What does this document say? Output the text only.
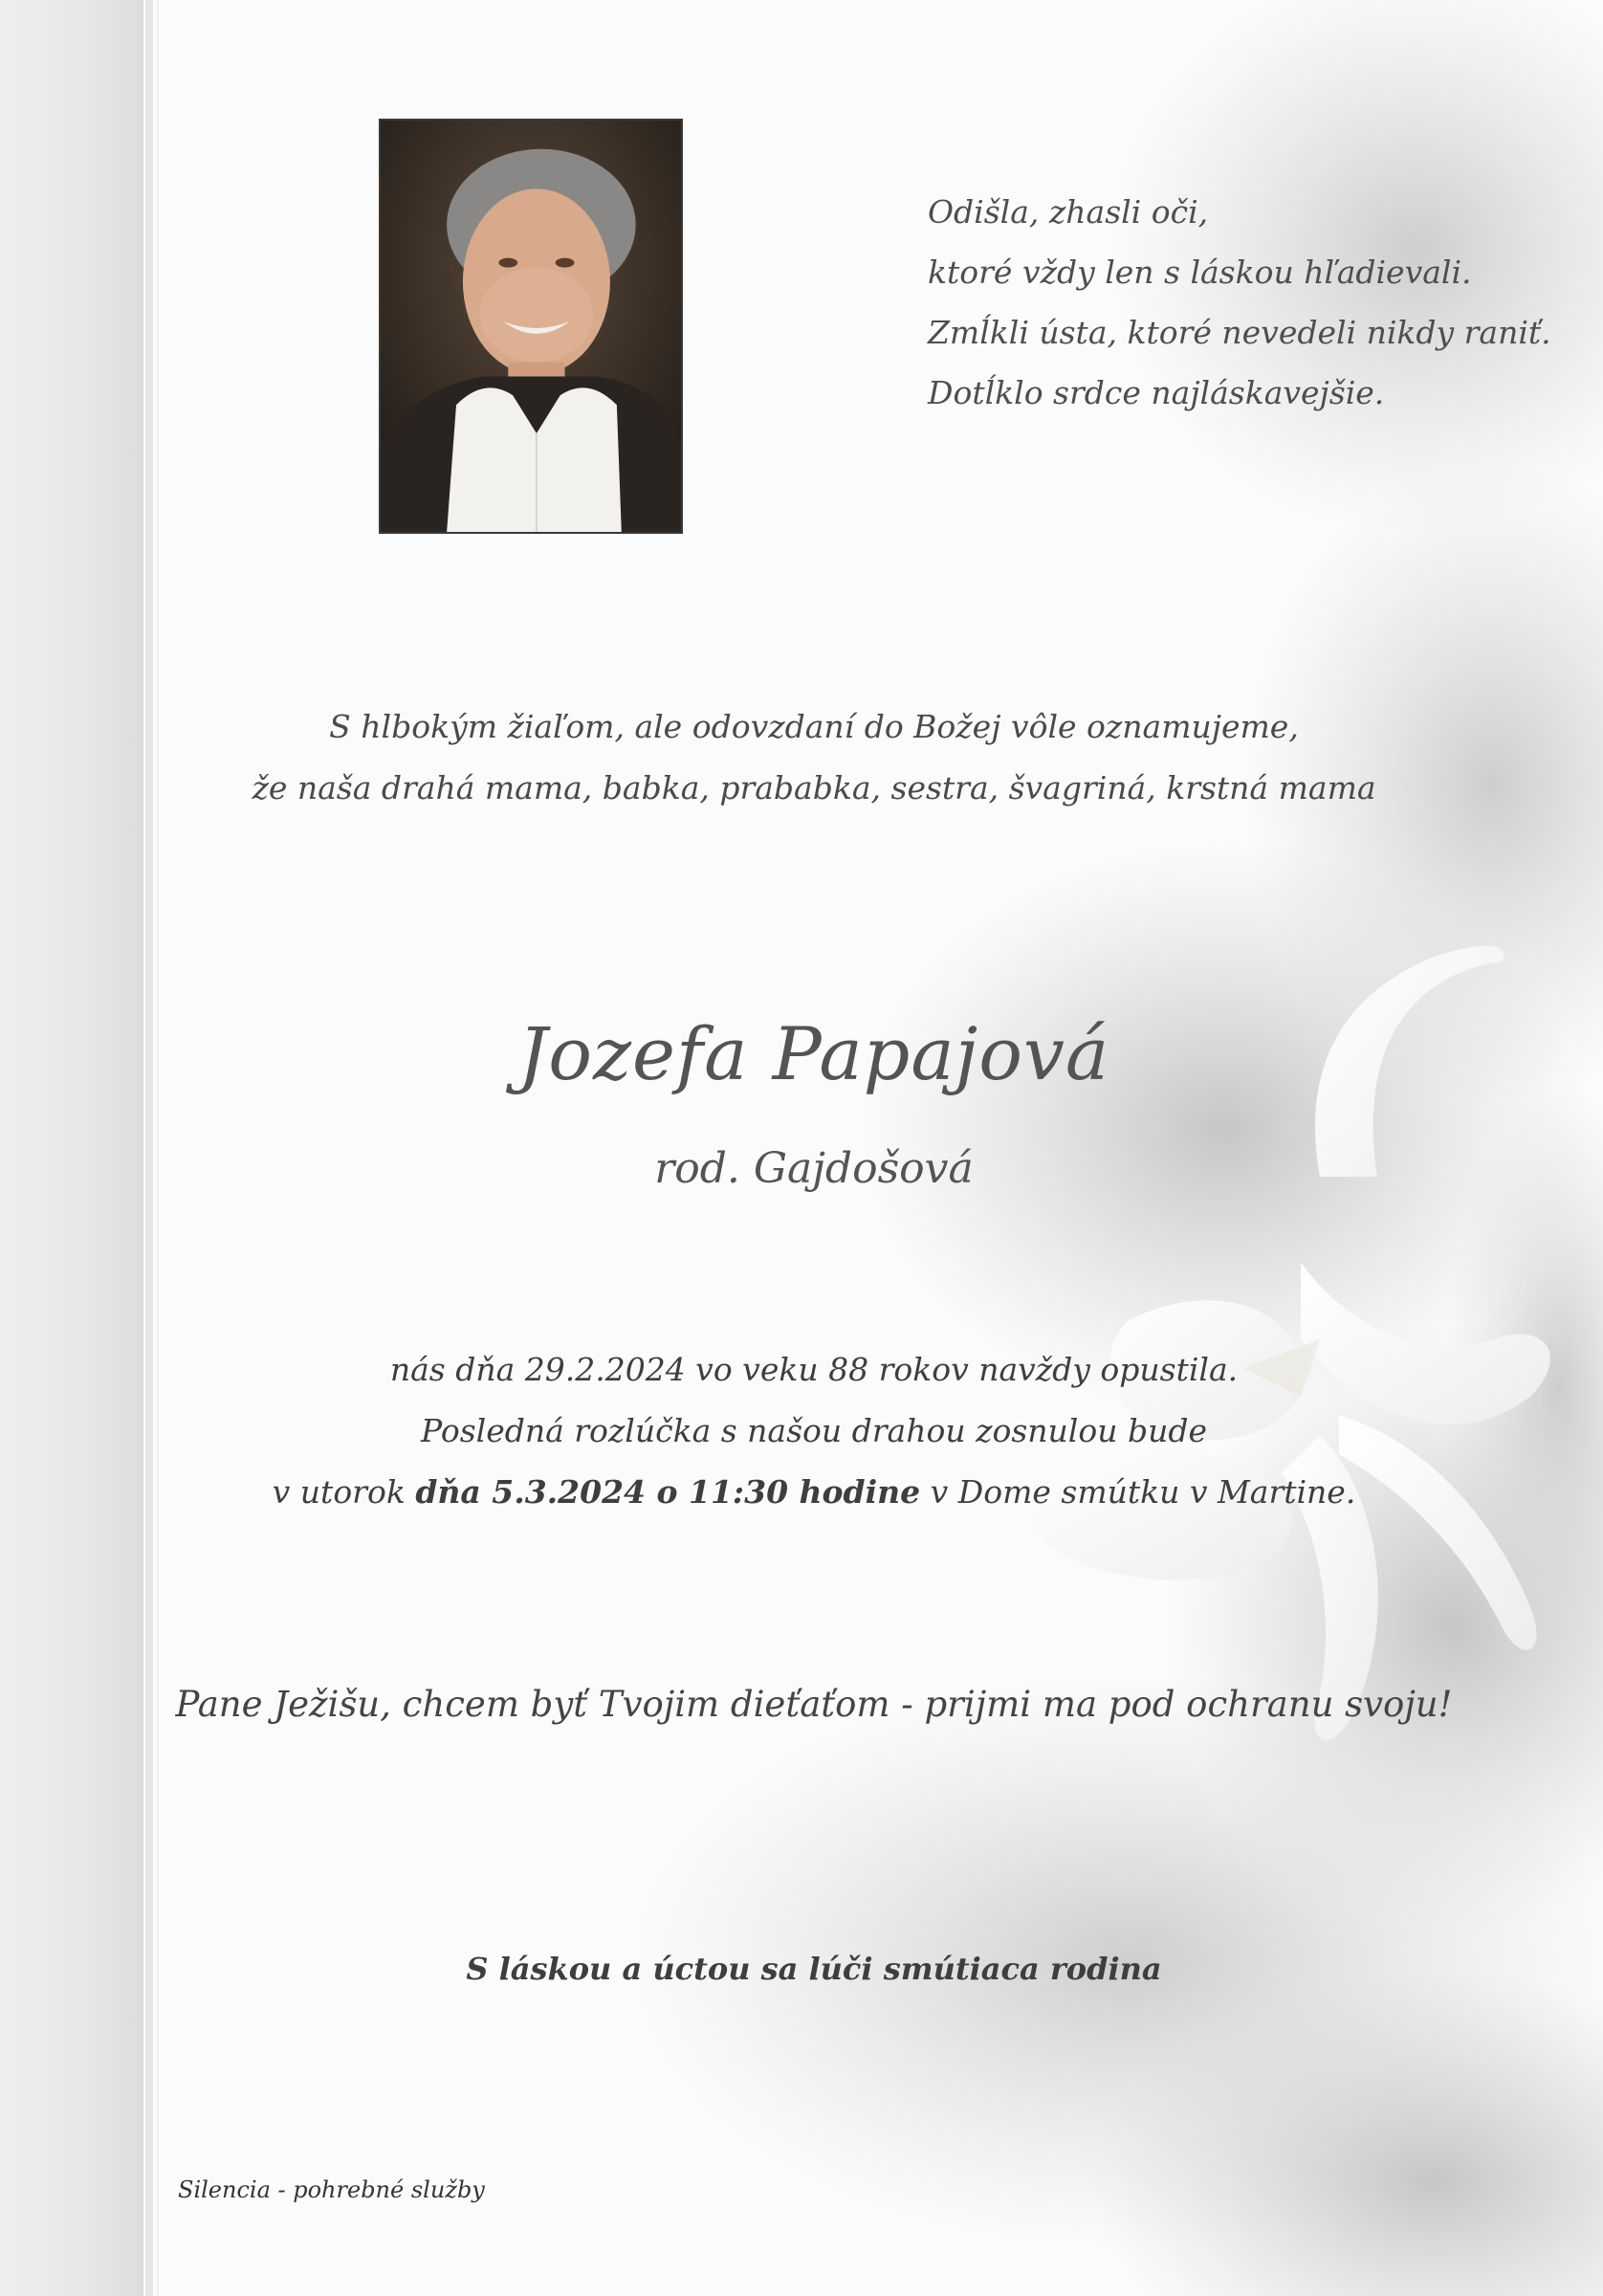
Odišla, zhasli oči,
ktoré vždy len s láskou hľadievali.
Zmĺkli ústa, ktoré nevedeli nikdy raniť.
Dotĺklo srdce najláskavejšie.
S hlbokým žiaľom, ale odovzdaní do Božej vôle oznamujeme,
že naša drahá mama, babka, prababka, sestra, švagriná, krstná mama
Jozefa Papajová
rod. Gajdošová
nás dňa 29.2.2024 vo veku 88 rokov navždy opustila.
Posledná rozlúčka s našou drahou zosnulou bude
v utorok dňa 5.3.2024 o 11:30 hodine v Dome smútku v Martine.
Pane Ježišu, chcem byť Tvojim dieťaťom - prijmi ma pod ochranu svoju!
S láskou a úctou sa lúči smútiaca rodina
Silencia - pohrebné služby
